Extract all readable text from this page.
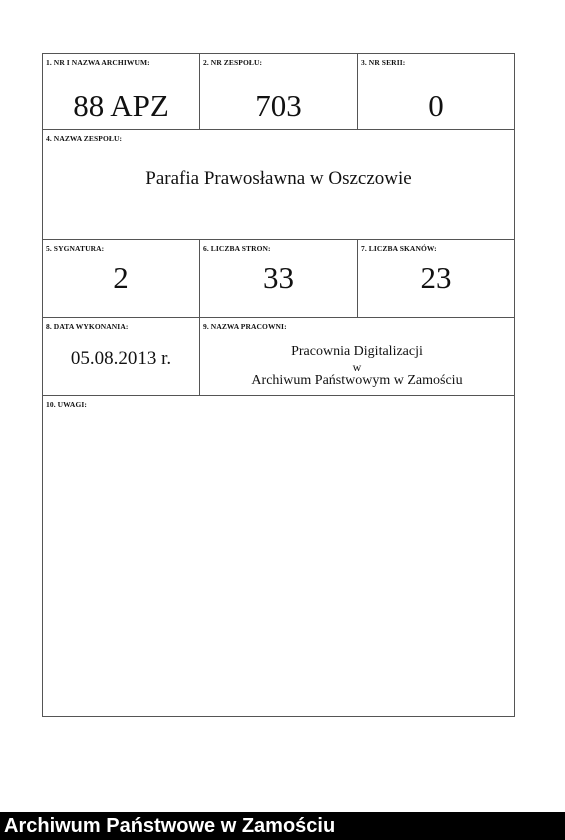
1. NR I NAZWA ARCHIWUM:
88 APZ
2. NR ZESPOŁU:
703
3. NR SERII:
0
4. NAZWA ZESPOŁU:
Parafia Prawosławna w Oszczowie
5. SYGNATURA:
2
6. LICZBA STRON:
33
7. LICZBA SKANÓW:
23
8. DATA WYKONANIA:
05.08.2013 r.
9. NAZWA PRACOWNI:
Pracownia Digitalizacji
w
Archiwum Państwowym w Zamościu
10. UWAGI:
Archiwum Państwowe w Zamościu
